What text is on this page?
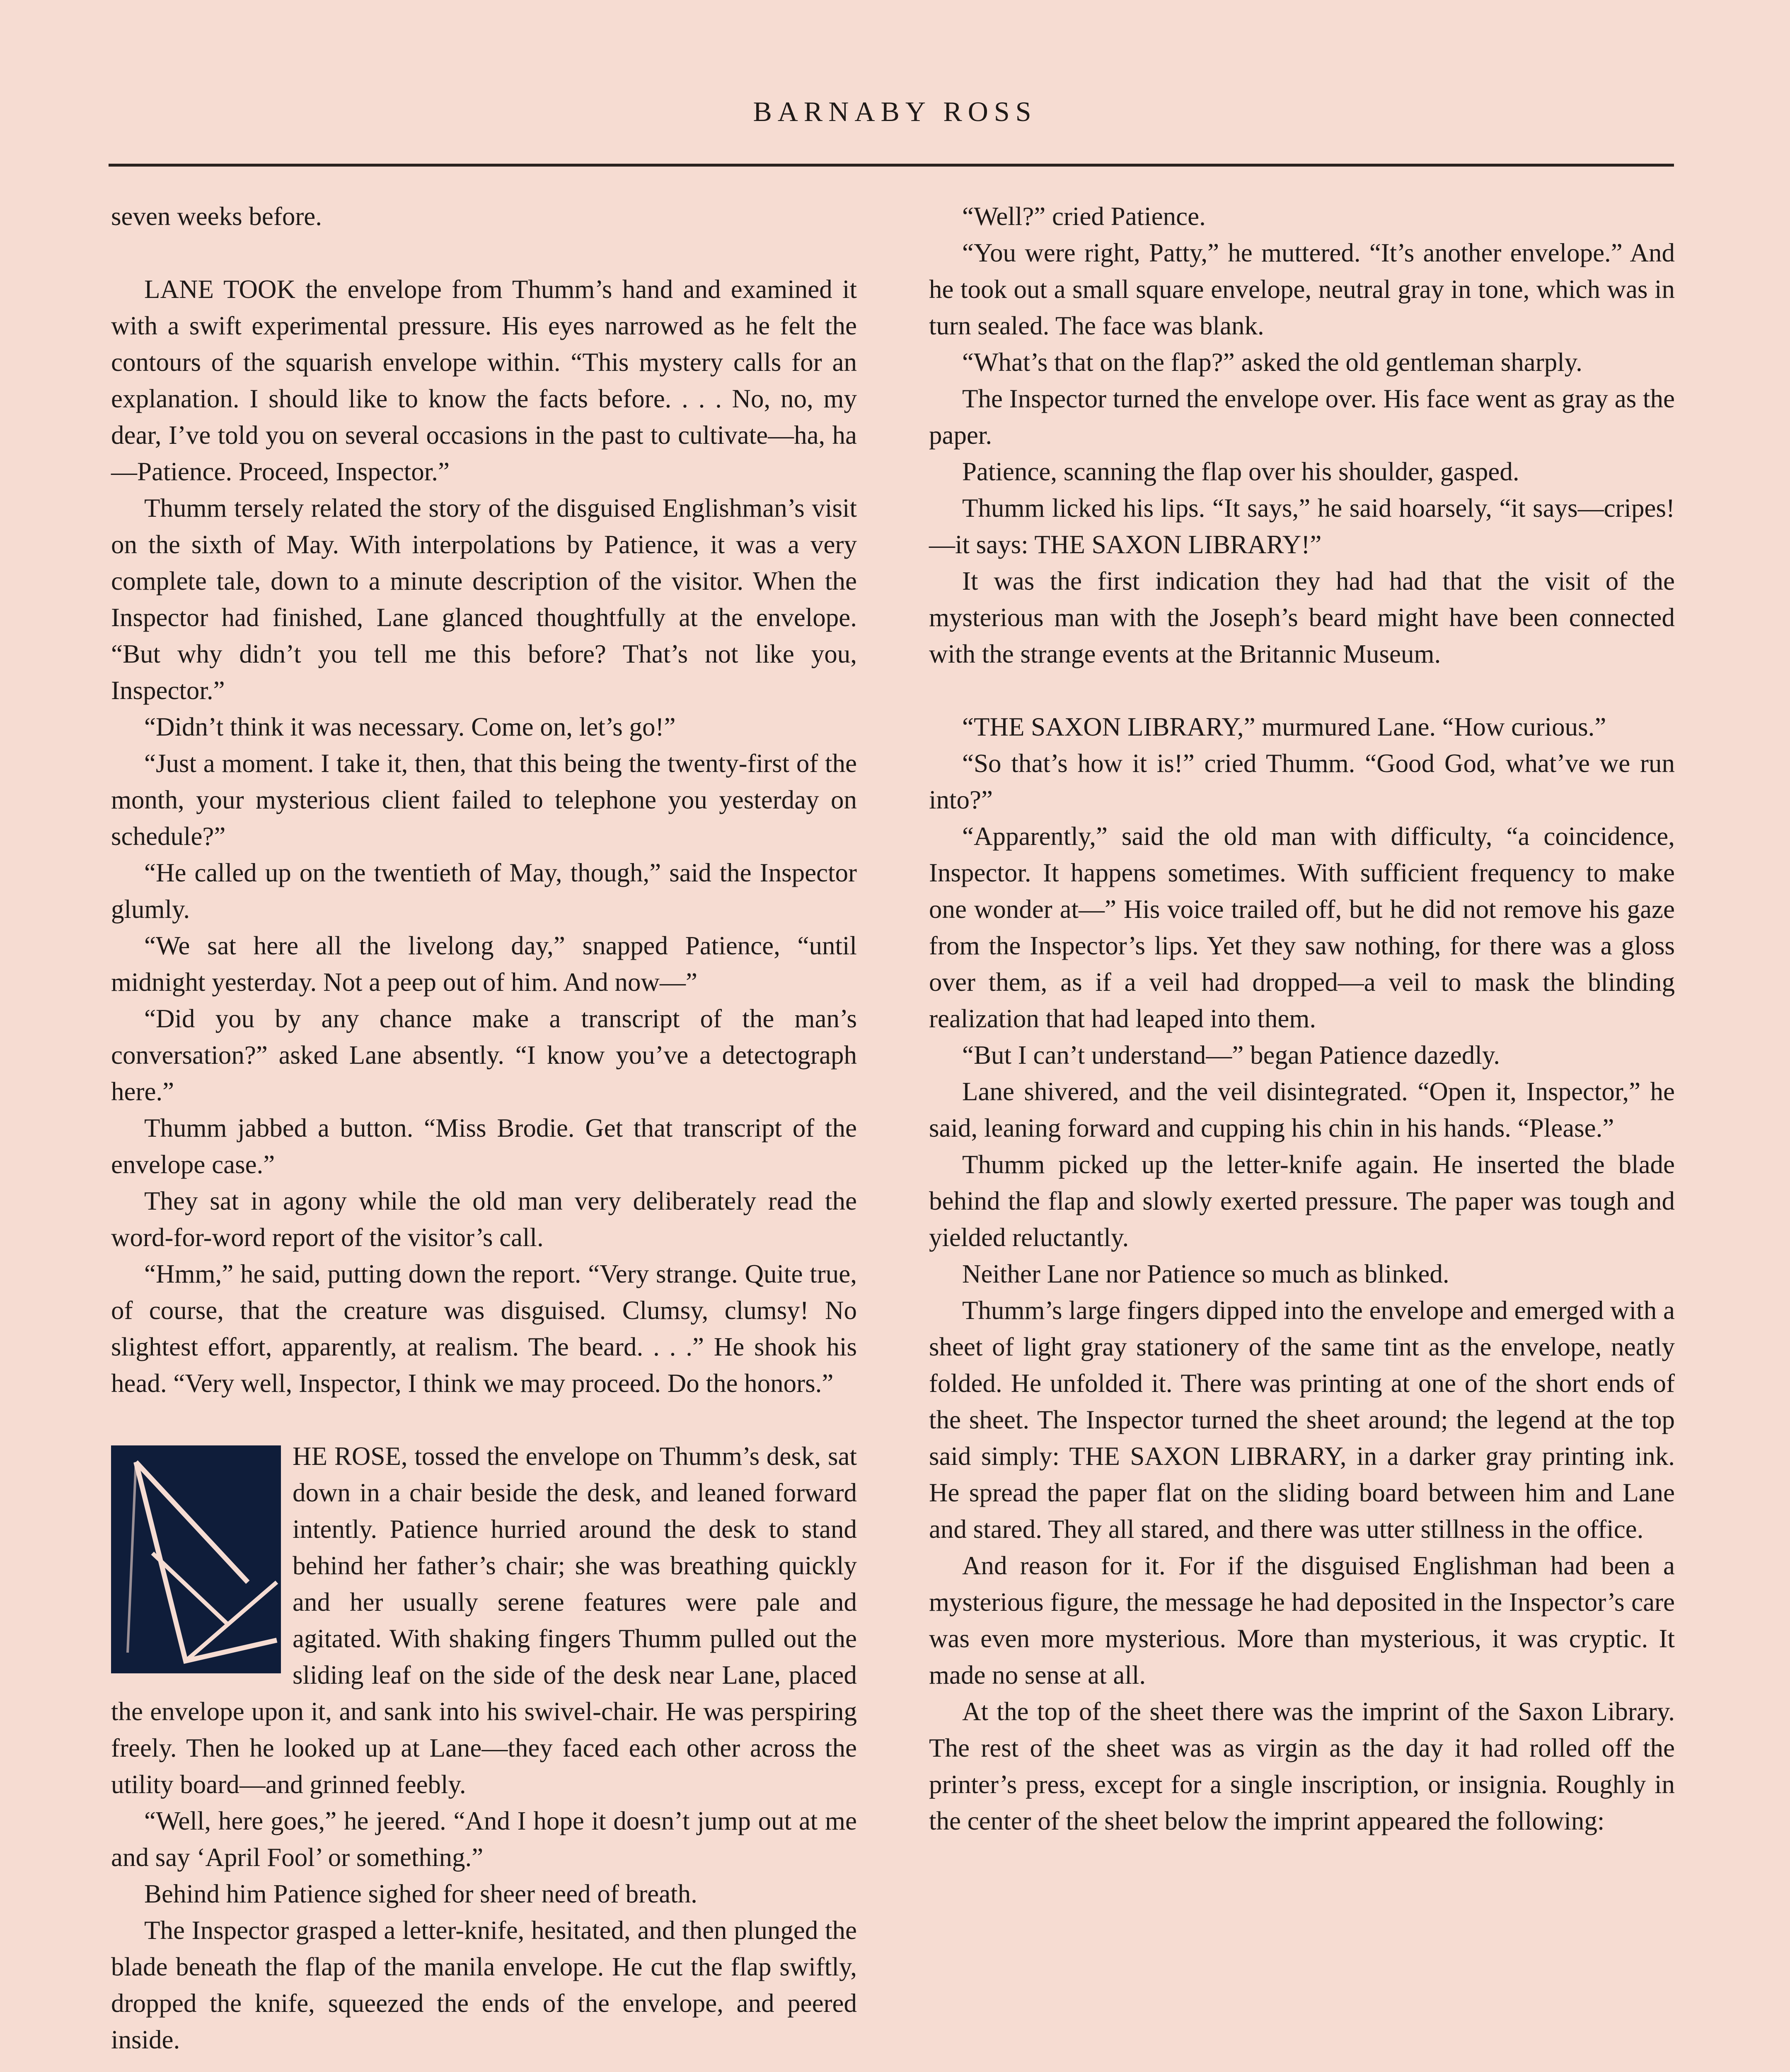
BARNABY ROSS

seven weeks before.

LANE TOOK the envelope from Thumm’s hand and examined it with a swift experimental pressure. His eyes narrowed as he felt the contours of the squarish envelope within. “This mystery calls for an explanation. I should like to know the facts before. . . . No, no, my dear, I’ve told you on several occasions in the past to cultivate—ha, ha—Patience. Proceed, Inspector.”

Thumm tersely related the story of the disguised Englishman’s visit on the sixth of May. With interpolations by Patience, it was a very complete tale, down to a minute description of the visitor. When the Inspector had finished, Lane glanced thoughtfully at the envelope. “But why didn’t you tell me this before? That’s not like you, Inspector.”

“Didn’t think it was necessary. Come on, let’s go!”

“Just a moment. I take it, then, that this being the twenty-first of the month, your mysterious client failed to telephone you yesterday on schedule?”

“He called up on the twentieth of May, though,” said the Inspector glumly.

“We sat here all the livelong day,” snapped Patience, “until midnight yesterday. Not a peep out of him. And now—”

“Did you by any chance make a transcript of the man’s conversation?” asked Lane absently. “I know you’ve a detectograph here.”

Thumm jabbed a button. “Miss Brodie. Get that transcript of the envelope case.”

They sat in agony while the old man very deliberately read the word-for-word report of the visitor’s call.

“Hmm,” he said, putting down the report. “Very strange. Quite true, of course, that the creature was disguised. Clumsy, clumsy! No slightest effort, apparently, at realism. The beard. . . .” He shook his head. “Very well, Inspector, I think we may proceed. Do the honors.”

HE ROSE, tossed the envelope on Thumm’s desk, sat down in a chair beside the desk, and leaned forward intently. Patience hurried around the desk to stand behind her father’s chair; she was breathing quickly and her usually serene features were pale and agitated. With shaking fingers Thumm pulled out the sliding leaf on the side of the desk near Lane, placed the envelope upon it, and sank into his swivel-chair. He was perspiring freely. Then he looked up at Lane—they faced each other across the utility board—and grinned feebly.

“Well, here goes,” he jeered. “And I hope it doesn’t jump out at me and say ‘April Fool’ or something.”

Behind him Patience sighed for sheer need of breath.

The Inspector grasped a letter-knife, hesitated, and then plunged the blade beneath the flap of the manila envelope. He cut the flap swiftly, dropped the knife, squeezed the ends of the envelope, and peered inside.

“Well?” cried Patience.

“You were right, Patty,” he muttered. “It’s another envelope.” And he took out a small square envelope, neutral gray in tone, which was in turn sealed. The face was blank.

“What’s that on the flap?” asked the old gentleman sharply.

The Inspector turned the envelope over. His face went as gray as the paper.

Patience, scanning the flap over his shoulder, gasped.

Thumm licked his lips. “It says,” he said hoarsely, “it says—cripes!—it says: THE SAXON LIBRARY!”

It was the first indication they had had that the visit of the mysterious man with the Joseph’s beard might have been connected with the strange events at the Britannic Museum.

“THE SAXON LIBRARY,” murmured Lane. “How curious.”

“So that’s how it is!” cried Thumm. “Good God, what’ve we run into?”

“Apparently,” said the old man with difficulty, “a coincidence, Inspector. It happens sometimes. With sufficient frequency to make one wonder at—” His voice trailed off, but he did not remove his gaze from the Inspector’s lips. Yet they saw nothing, for there was a gloss over them, as if a veil had dropped—a veil to mask the blinding realization that had leaped into them.

“But I can’t understand—” began Patience dazedly.

Lane shivered, and the veil disintegrated. “Open it, Inspector,” he said, leaning forward and cupping his chin in his hands. “Please.”

Thumm picked up the letter-knife again. He inserted the blade behind the flap and slowly exerted pressure. The paper was tough and yielded reluctantly.

Neither Lane nor Patience so much as blinked.

Thumm’s large fingers dipped into the envelope and emerged with a sheet of light gray stationery of the same tint as the envelope, neatly folded. He unfolded it. There was printing at one of the short ends of the sheet. The Inspector turned the sheet around; the legend at the top said simply: THE SAXON LIBRARY, in a darker gray printing ink. He spread the paper flat on the sliding board between him and Lane and stared. They all stared, and there was utter stillness in the office.

And reason for it. For if the disguised Englishman had been a mysterious figure, the message he had deposited in the Inspector’s care was even more mysterious. More than mysterious, it was cryptic. It made no sense at all.

At the top of the sheet there was the imprint of the Saxon Library. The rest of the sheet was as virgin as the day it had rolled off the printer’s press, except for a single inscription, or insignia. Roughly in the center of the sheet below the imprint appeared the following:
